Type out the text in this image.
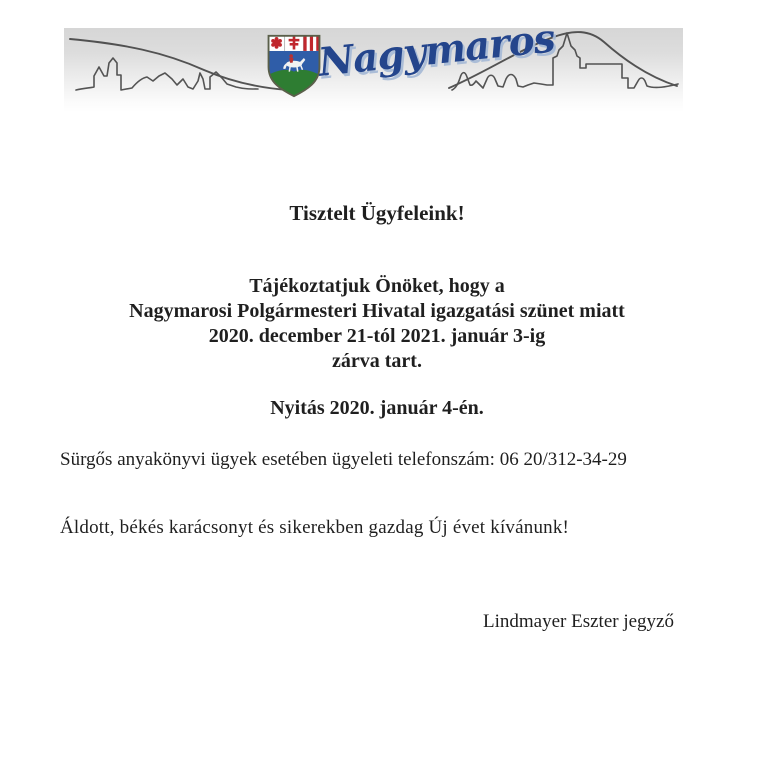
Nagymaros
Tisztelt Ügyfeleink!
Tájékoztatjuk Önöket, hogy a
Nagymarosi Polgármesteri Hivatal igazgatási szünet miatt
2020. december 21-tól 2021. január 3-ig
zárva tart.
Nyitás 2020. január 4-én.
Sürgős anyakönyvi ügyek esetében ügyeleti telefonszám: 06 20/312-34-29
Áldott, békés karácsonyt és sikerekben gazdag Új évet kívánunk!
Lindmayer Eszter jegyző
